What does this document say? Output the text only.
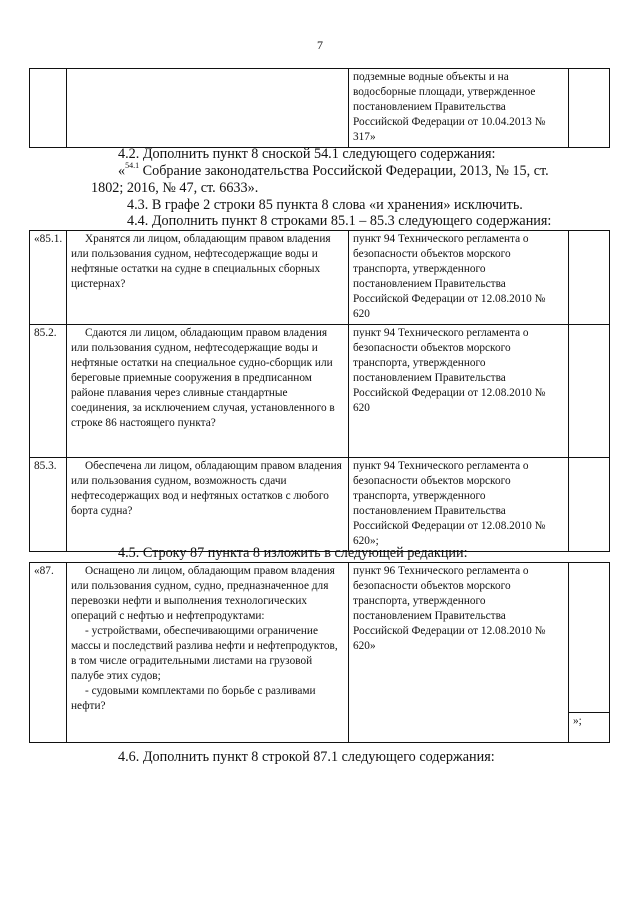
7
		подземные водные объекты и на водосборные площади, утвержденное постановлением Правительства Российской Федерации от 10.04.2013 № 317»	
4.2. Дополнить пункт 8 сноской 54.1 следующего содержания:
«$^{54.1}$ Собрание законодательства Российской Федерации, 2013, № 15, ст.
1802; 2016, № 47, ст. 6633».
4.3. В графе 2 строки 85 пункта 8 слова «и хранения» исключить.
4.4. Дополнить пункт 8 строками 85.1 – 85.3 следующего содержания:
«85.1.	Хранятся ли лицом, обладающим правом владения или пользования судном, нефтесодержащие воды и нефтяные остатки на судне в специальных сборных цистернах?	пункт 94 Технического регламента о безопасности объектов морского транспорта, утвержденного постановлением Правительства Российской Федерации от 12.08.2010 № 620	
85.2.	Сдаются ли лицом, обладающим правом владения или пользования судном, нефтесодержащие воды и нефтяные остатки на специальное судно-сборщик или береговые приемные сооружения в предписанном районе плавания через сливные стандартные соединения, за исключением случая, установленного в строке 86 настоящего пункта?	пункт 94 Технического регламента о безопасности объектов морского транспорта, утвержденного постановлением Правительства Российской Федерации от 12.08.2010 № 620	
85.3.	Обеспечена ли лицом, обладающим правом владения или пользования судном, возможность сдачи нефтесодержащих вод и нефтяных остатков с любого борта судна?	пункт 94 Технического регламента о безопасности объектов морского транспорта, утвержденного постановлением Правительства Российской Федерации от 12.08.2010 № 620»;	
4.5. Строку 87 пункта 8 изложить в следующей редакции:
«87.	Оснащено ли лицом, обладающим правом владения или пользования судном, судно, предназначенное для перевозки нефти и выполнения технологических операций с нефтью и нефтепродуктами:
- устройствами, обеспечивающими ограничение массы и последствий разлива нефти и нефтепродуктов, в том числе оградительными листами на грузовой палубе этих судов;
- судовыми комплектами по борьбе с разливами нефти?
	пункт 96 Технического регламента о безопасности объектов морского транспорта, утвержденного постановлением Правительства Российской Федерации от 12.08.2010 № 620»	
»;
4.6. Дополнить пункт 8 строкой 87.1 следующего содержания:
